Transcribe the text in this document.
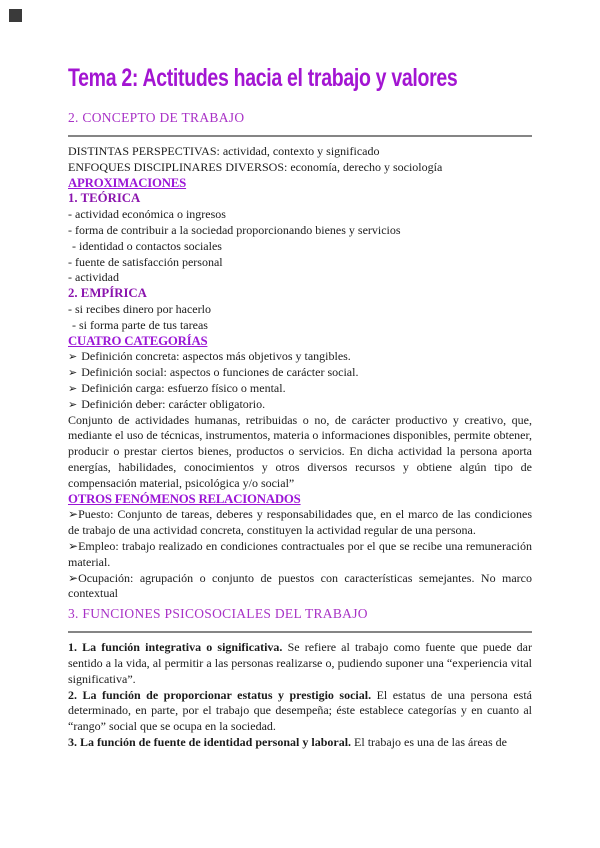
Tema 2: Actitudes hacia el trabajo y valores
2. CONCEPTO DE TRABAJO
DISTINTAS PERSPECTIVAS: actividad, contexto y significado
ENFOQUES DISCIPLINARES DIVERSOS: economía, derecho y sociología
APROXIMACIONES
1. TEÓRICA
- actividad económica o ingresos
- forma de contribuir a la sociedad proporcionando bienes y servicios
- identidad o contactos sociales
- fuente de satisfacción personal
- actividad
2. EMPÍRICA
- si recibes dinero por hacerlo
- si forma parte de tus tareas
CUATRO CATEGORÍAS
➢ Definición concreta: aspectos más objetivos y tangibles.
➢ Definición social: aspectos o funciones de carácter social.
➢ Definición carga: esfuerzo físico o mental.
➢ Definición deber: carácter obligatorio.
Conjunto de actividades humanas, retribuidas o no, de carácter productivo y creativo, que, mediante el uso de técnicas, instrumentos, materia o informaciones disponibles, permite obtener, producir o prestar ciertos bienes, productos o servicios. En dicha actividad la persona aporta energías, habilidades, conocimientos y otros diversos recursos y obtiene algún tipo de compensación material, psicológica y/o social”
OTROS FENÓMENOS RELACIONADOS
➢Puesto: Conjunto de tareas, deberes y responsabilidades que, en el marco de las condiciones de trabajo de una actividad concreta, constituyen la actividad regular de una persona.
➢Empleo: trabajo realizado en condiciones contractuales por el que se recibe una remuneración material.
➢Ocupación: agrupación o conjunto de puestos con características semejantes. No marco contextual
3. FUNCIONES PSICOSOCIALES DEL TRABAJO
1. La función integrativa o significativa. Se refiere al trabajo como fuente que puede dar sentido a la vida, al permitir a las personas realizarse o, pudiendo suponer una “experiencia vital significativa”.
2. La función de proporcionar estatus y prestigio social. El estatus de una persona está determinado, en parte, por el trabajo que desempeña; éste establece categorías y en cuanto al “rango” social que se ocupa en la sociedad.
3. La función de fuente de identidad personal y laboral. El trabajo es una de las áreas de
